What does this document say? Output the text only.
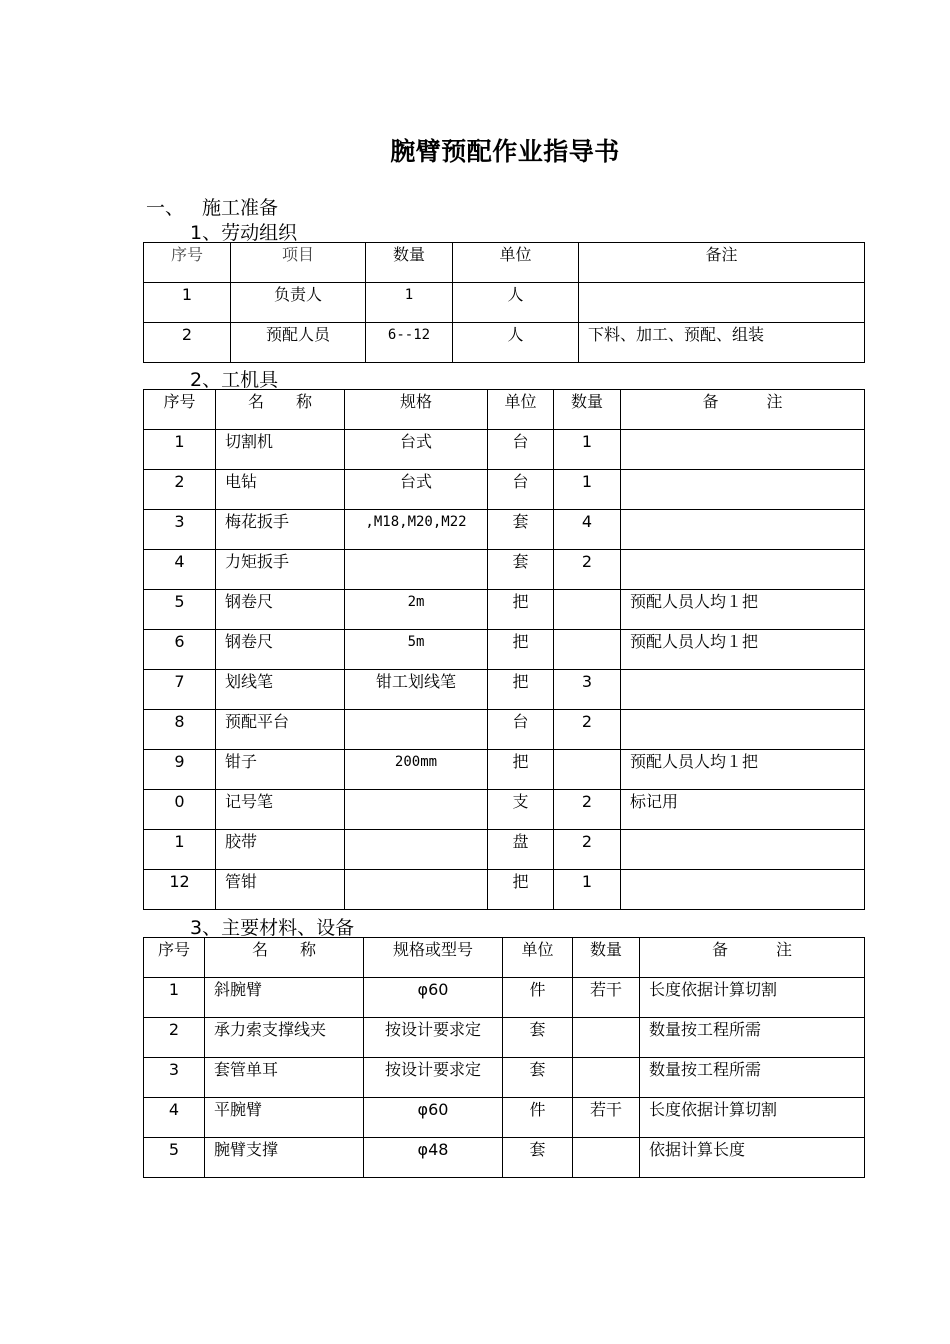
腕臂预配作业指导书
一、 施工准备
1、劳动组织
序号	项目	数量	单位	备注
1	负责人	1	人	
2	预配人员	6--12	人	下料、加工、预配、组装
2、工机具
序号	名　　称	规格	单位	数量	备　　　注
1	切割机	台式	台	1	
2	电钻	台式	台	1	
3	梅花扳手	,M18,M20,M22	套	4	
4	力矩扳手		套	2	
5	钢卷尺	2m	把		预配人员人均１把
6	钢卷尺	5m	把		预配人员人均１把
7	划线笔	钳工划线笔	把	3	
8	预配平台		台	2	
9	钳子	200mm	把		预配人员人均１把
0	记号笔		支	2	标记用
1	胶带		盘	2	
12	管钳		把	1	
3、主要材料、设备
序号	名　　称	规格或型号	单位	数量	备　　　注
1	斜腕臂	φ60	件	若干	长度依据计算切割
2	承力索支撑线夹	按设计要求定	套		数量按工程所需
3	套管单耳	按设计要求定	套		数量按工程所需
4	平腕臂	φ60	件	若干	长度依据计算切割
5	腕臂支撑	φ48	套		依据计算长度
